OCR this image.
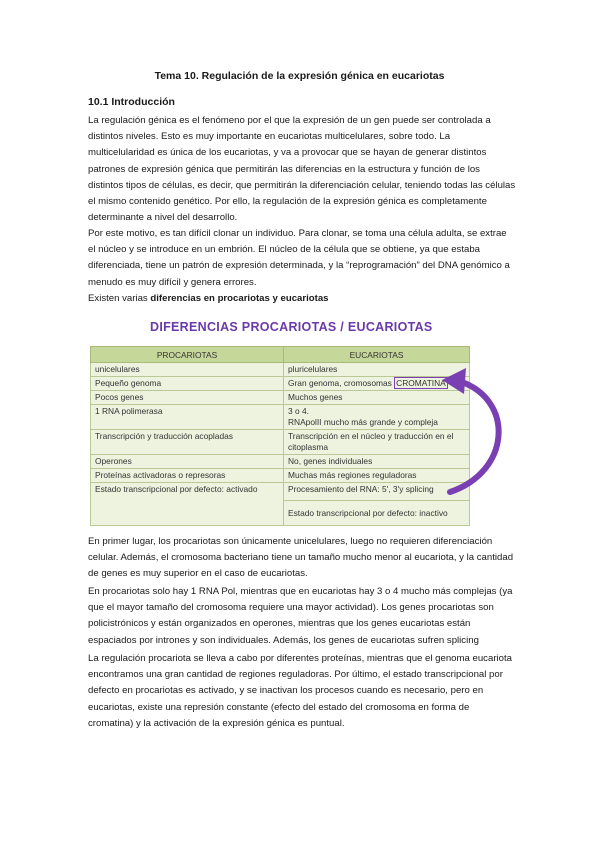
Tema 10. Regulación de la expresión génica en eucariotas
10.1 Introducción

La regulación génica es el fenómeno por el que la expresión de un gen puede ser controlada a distintos niveles. Esto es muy importante en eucariotas multicelulares, sobre todo. La multicelularidad es única de los eucariotas, y va a provocar que se hayan de generar distintos patrones de expresión génica que permitirán las diferencias en la estructura y función de los distintos tipos de células, es decir, que permitirán la diferenciación celular, teniendo todas las células el mismo contenido genético. Por ello, la regulación de la expresión génica es completamente determinante a nivel del desarrollo.

Por este motivo, es tan difícil clonar un individuo. Para clonar, se toma una célula adulta, se extrae el núcleo y se introduce en un embrión. El núcleo de la célula que se obtiene, ya que estaba diferenciada, tiene un patrón de expresión determinada, y la “reprogramación” del DNA genómico a menudo es muy difícil y genera errores.

Existen varias diferencias en procariotas y eucariotas

DIFERENCIAS PROCARIOTAS / EUCARIOTAS
PROCARIOTAS	EUCARIOTAS
unicelulares	pluricelulares
Pequeño genoma	Gran genoma, cromosomas CROMATINA
Pocos genes	Muchos genes
1 RNA polimerasa	3 o 4.
RNApolII mucho más grande y compleja

Transcripción y traducción acopladas	Transcripción en el núcleo y traducción en el citoplasma
Operones	No, genes individuales
Proteínas activadoras o represoras	Muchas más regiones reguladoras
Estado transcripcional por defecto: activado	Procesamiento del RNA: 5', 3'y splicing
	Estado transcripcional por defecto: inactivo

En primer lugar, los procariotas son únicamente unicelulares, luego no requieren diferenciación celular. Además, el cromosoma bacteriano tiene un tamaño mucho menor al eucariota, y la cantidad de genes es muy superior en el caso de eucariotas.

En procariotas solo hay 1 RNA Pol, mientras que en eucariotas hay 3 o 4 mucho más complejas (ya que el mayor tamaño del cromosoma requiere una mayor actividad). Los genes procariotas son policistrónicos y están organizados en operones, mientras que los genes eucariotas están espaciados por intrones y son individuales. Además, los genes de eucariotas sufren splicing

La regulación procariota se lleva a cabo por diferentes proteínas, mientras que el genoma eucariota encontramos una gran cantidad de regiones reguladoras. Por último, el estado transcripcional por defecto en procariotas es activado, y se inactivan los procesos cuando es necesario, pero en eucariotas, existe una represión constante (efecto del estado del cromosoma en forma de cromatina) y la activación de la expresión génica es puntual.
